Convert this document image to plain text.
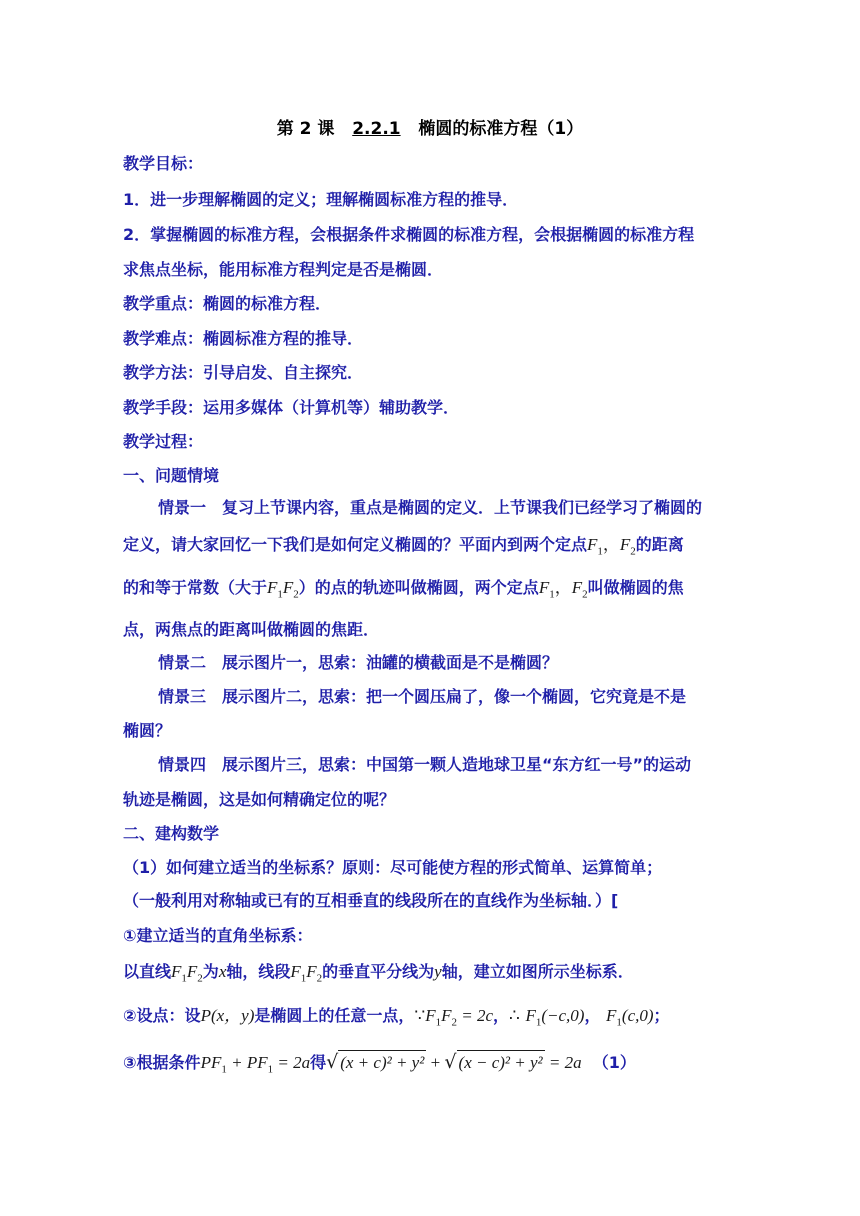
第 2 课 2.2.1 椭圆的标准方程（1）
教学目标：
1．进一步理解椭圆的定义；理解椭圆标准方程的推导．
2．掌握椭圆的标准方程，会根据条件求椭圆的标准方程，会根据椭圆的标准方程
求焦点坐标，能用标准方程判定是否是椭圆．
教学重点：椭圆的标准方程．
教学难点：椭圆标准方程的推导．
教学方法：引导启发、自主探究．
教学手段：运用多媒体（计算机等）辅助教学．
教学过程：
一、问题情境
情景一　复习上节课内容，重点是椭圆的定义．上节课我们已经学习了椭圆的
定义，请大家回忆一下我们是如何定义椭圆的？平面内到两个定点$F_1$，$F_2$的距离
的和等于常数（大于$F_1F_2$）的点的轨迹叫做椭圆，两个定点$F_1$，$F_2$叫做椭圆的焦
点，两焦点的距离叫做椭圆的焦距．
情景二　展示图片一，思索：油罐的横截面是不是椭圆？
情景三　展示图片二，思索：把一个圆压扁了，像一个椭圆，它究竟是不是
椭圆？
情景四　展示图片三，思索：中国第一颗人造地球卫星“东方红一号”的运动
轨迹是椭圆，这是如何精确定位的呢？
二、建构数学
（1）如何建立适当的坐标系？原则：尽可能使方程的形式简单、运算简单；
（一般利用对称轴或已有的互相垂直的线段所在的直线作为坐标轴．）[
①建立适当的直角坐标系：
以直线$F_1F_2$为x轴，线段$F_1F_2$的垂直平分线为y轴，建立如图所示坐标系．
②设点：设P(x，y)是椭圆上的任意一点，$\because F_1F_2 = 2c$，∴ $F_1(-c,0)$， $F_1(c,0)$；
③根据条件$PF_1 + PF_1 = 2a$得√ (x + c)² + y² + √ (x − c)² + y² = 2a （1）
